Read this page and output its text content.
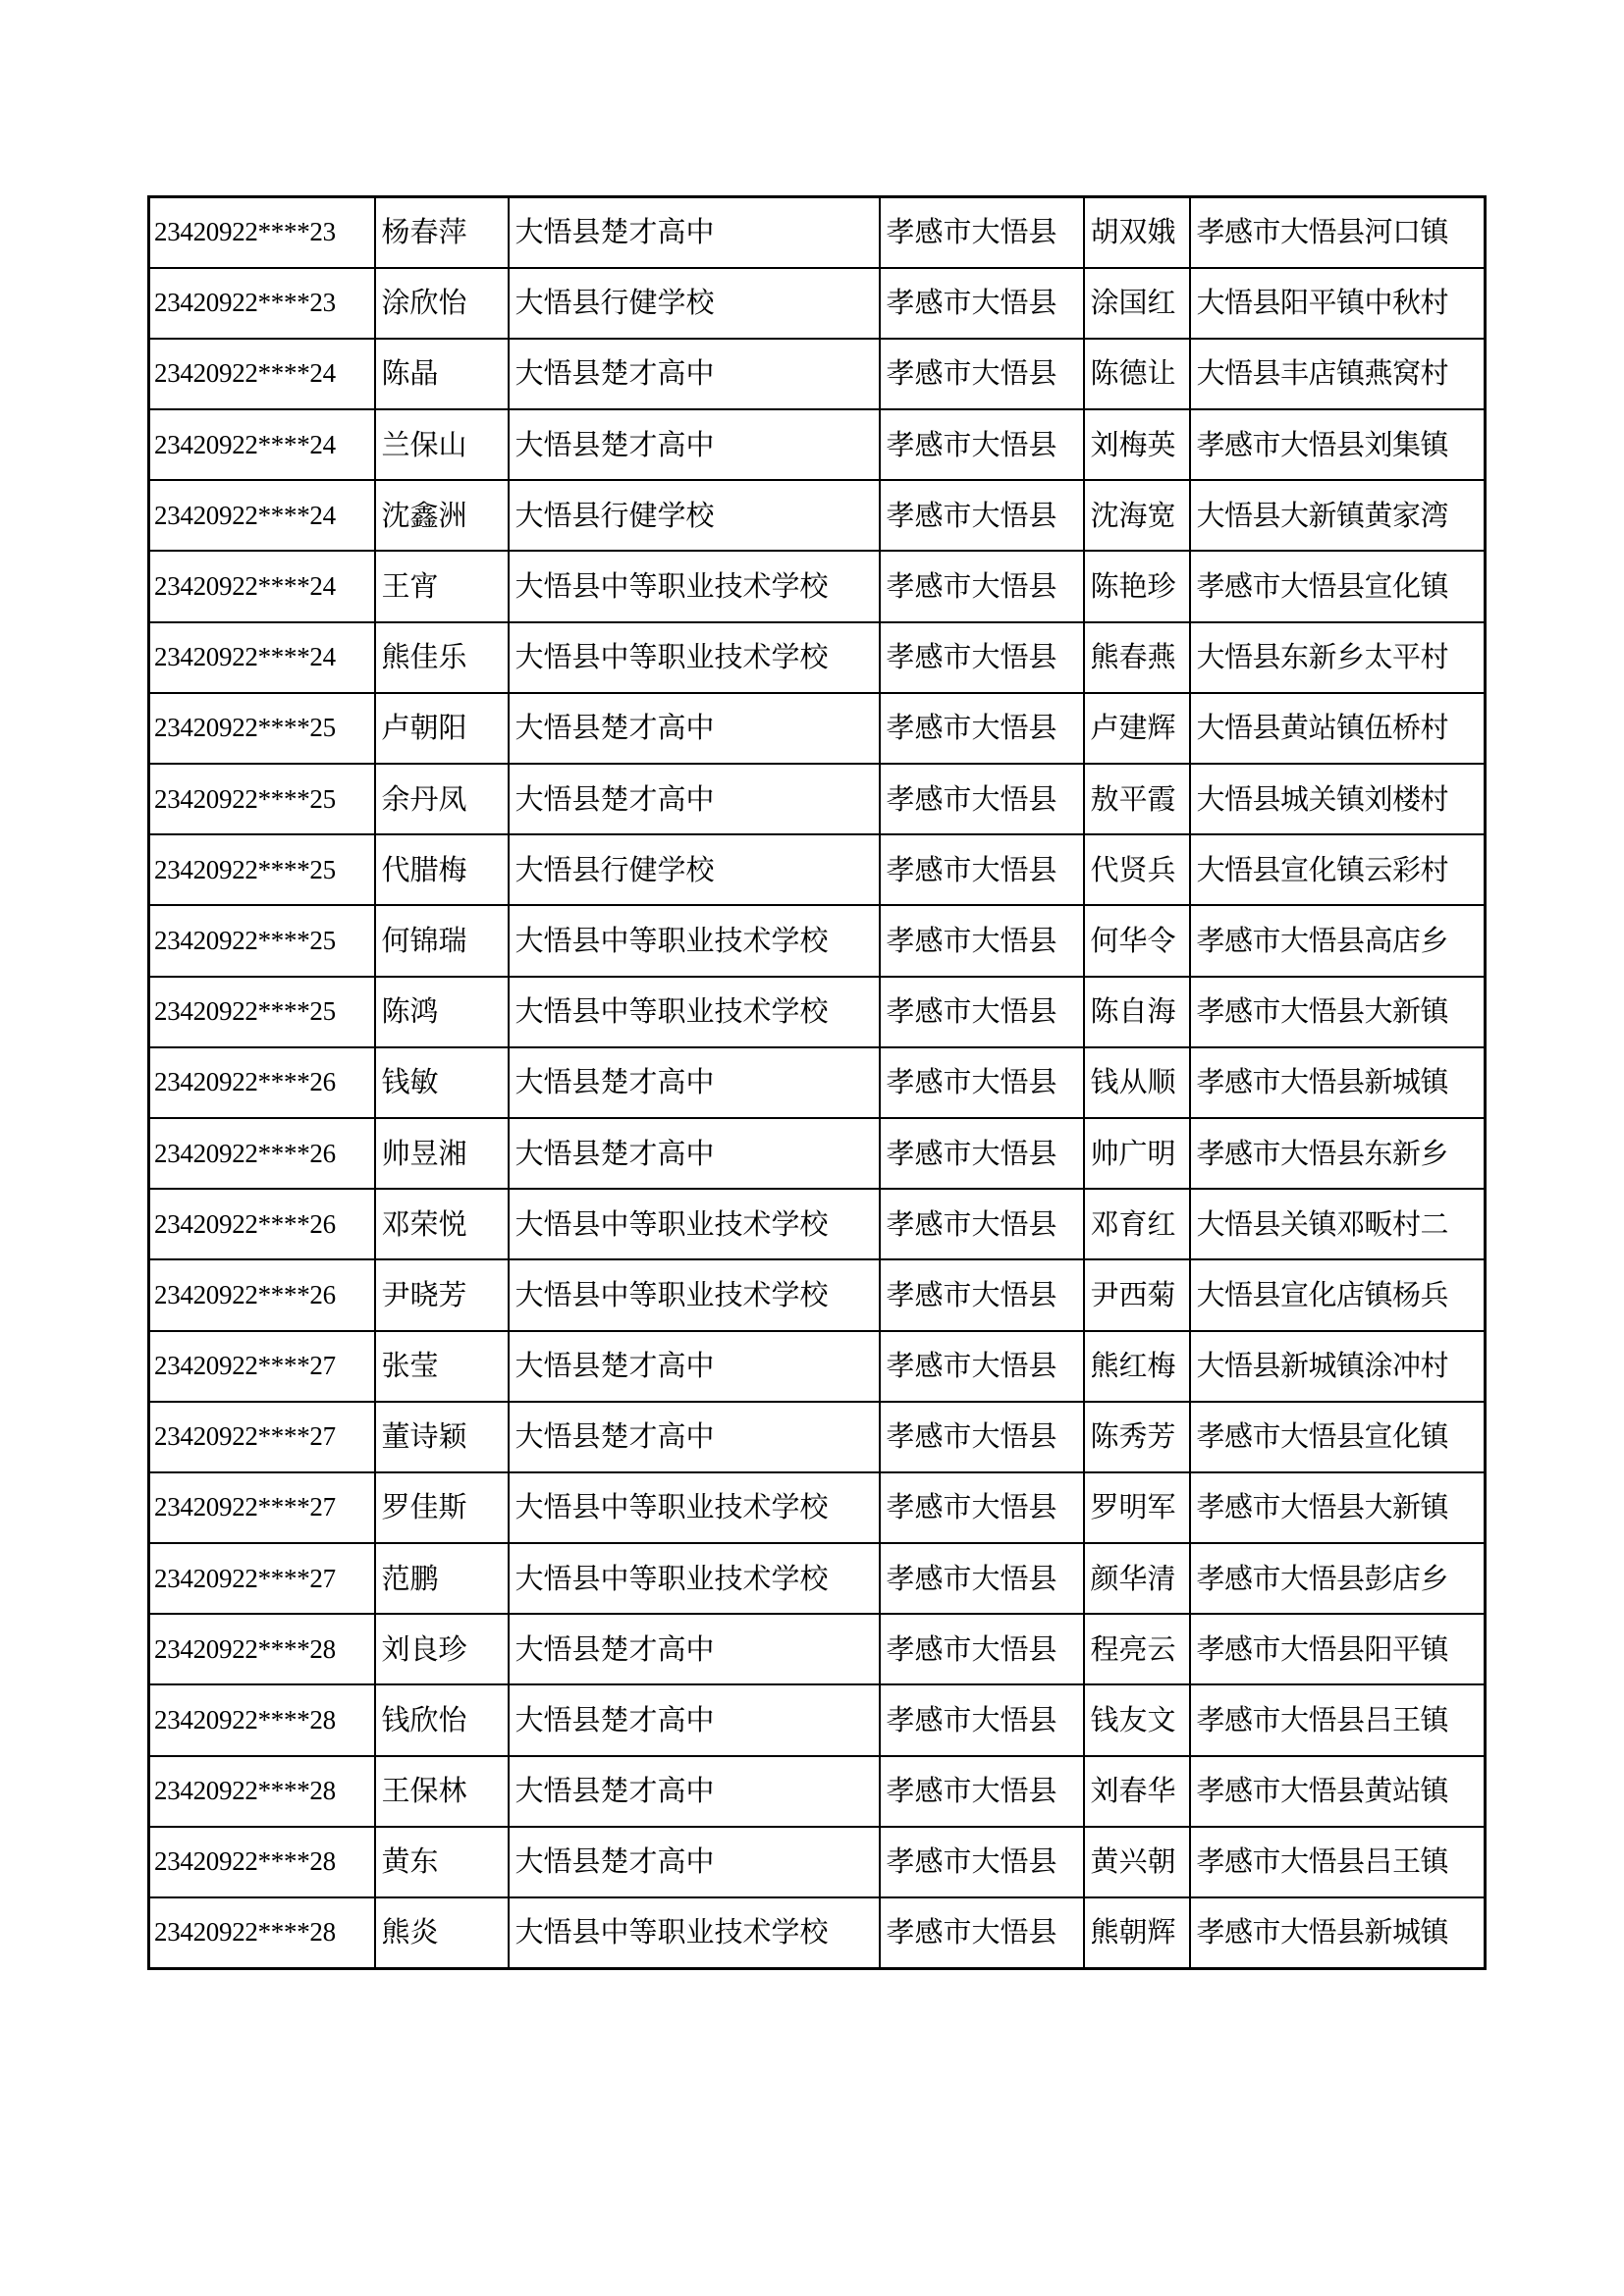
23420922****23	杨春萍	大悟县楚才高中	孝感市大悟县	胡双娥	孝感市大悟县河口镇
23420922****23	涂欣怡	大悟县行健学校	孝感市大悟县	涂国红	大悟县阳平镇中秋村
23420922****24	陈晶	大悟县楚才高中	孝感市大悟县	陈德让	大悟县丰店镇燕窝村
23420922****24	兰保山	大悟县楚才高中	孝感市大悟县	刘梅英	孝感市大悟县刘集镇
23420922****24	沈鑫洲	大悟县行健学校	孝感市大悟县	沈海宽	大悟县大新镇黄家湾
23420922****24	王宵	大悟县中等职业技术学校	孝感市大悟县	陈艳珍	孝感市大悟县宣化镇
23420922****24	熊佳乐	大悟县中等职业技术学校	孝感市大悟县	熊春燕	大悟县东新乡太平村
23420922****25	卢朝阳	大悟县楚才高中	孝感市大悟县	卢建辉	大悟县黄站镇伍桥村
23420922****25	余丹凤	大悟县楚才高中	孝感市大悟县	敖平霞	大悟县城关镇刘楼村
23420922****25	代腊梅	大悟县行健学校	孝感市大悟县	代贤兵	大悟县宣化镇云彩村
23420922****25	何锦瑞	大悟县中等职业技术学校	孝感市大悟县	何华令	孝感市大悟县高店乡
23420922****25	陈鸿	大悟县中等职业技术学校	孝感市大悟县	陈自海	孝感市大悟县大新镇
23420922****26	钱敏	大悟县楚才高中	孝感市大悟县	钱从顺	孝感市大悟县新城镇
23420922****26	帅昱湘	大悟县楚才高中	孝感市大悟县	帅广明	孝感市大悟县东新乡
23420922****26	邓荣悦	大悟县中等职业技术学校	孝感市大悟县	邓育红	大悟县关镇邓畈村二
23420922****26	尹晓芳	大悟县中等职业技术学校	孝感市大悟县	尹西菊	大悟县宣化店镇杨兵
23420922****27	张莹	大悟县楚才高中	孝感市大悟县	熊红梅	大悟县新城镇涂冲村
23420922****27	董诗颖	大悟县楚才高中	孝感市大悟县	陈秀芳	孝感市大悟县宣化镇
23420922****27	罗佳斯	大悟县中等职业技术学校	孝感市大悟县	罗明军	孝感市大悟县大新镇
23420922****27	范鹏	大悟县中等职业技术学校	孝感市大悟县	颜华清	孝感市大悟县彭店乡
23420922****28	刘良珍	大悟县楚才高中	孝感市大悟县	程亮云	孝感市大悟县阳平镇
23420922****28	钱欣怡	大悟县楚才高中	孝感市大悟县	钱友文	孝感市大悟县吕王镇
23420922****28	王保林	大悟县楚才高中	孝感市大悟县	刘春华	孝感市大悟县黄站镇
23420922****28	黄东	大悟县楚才高中	孝感市大悟县	黄兴朝	孝感市大悟县吕王镇
23420922****28	熊炎	大悟县中等职业技术学校	孝感市大悟县	熊朝辉	孝感市大悟县新城镇
